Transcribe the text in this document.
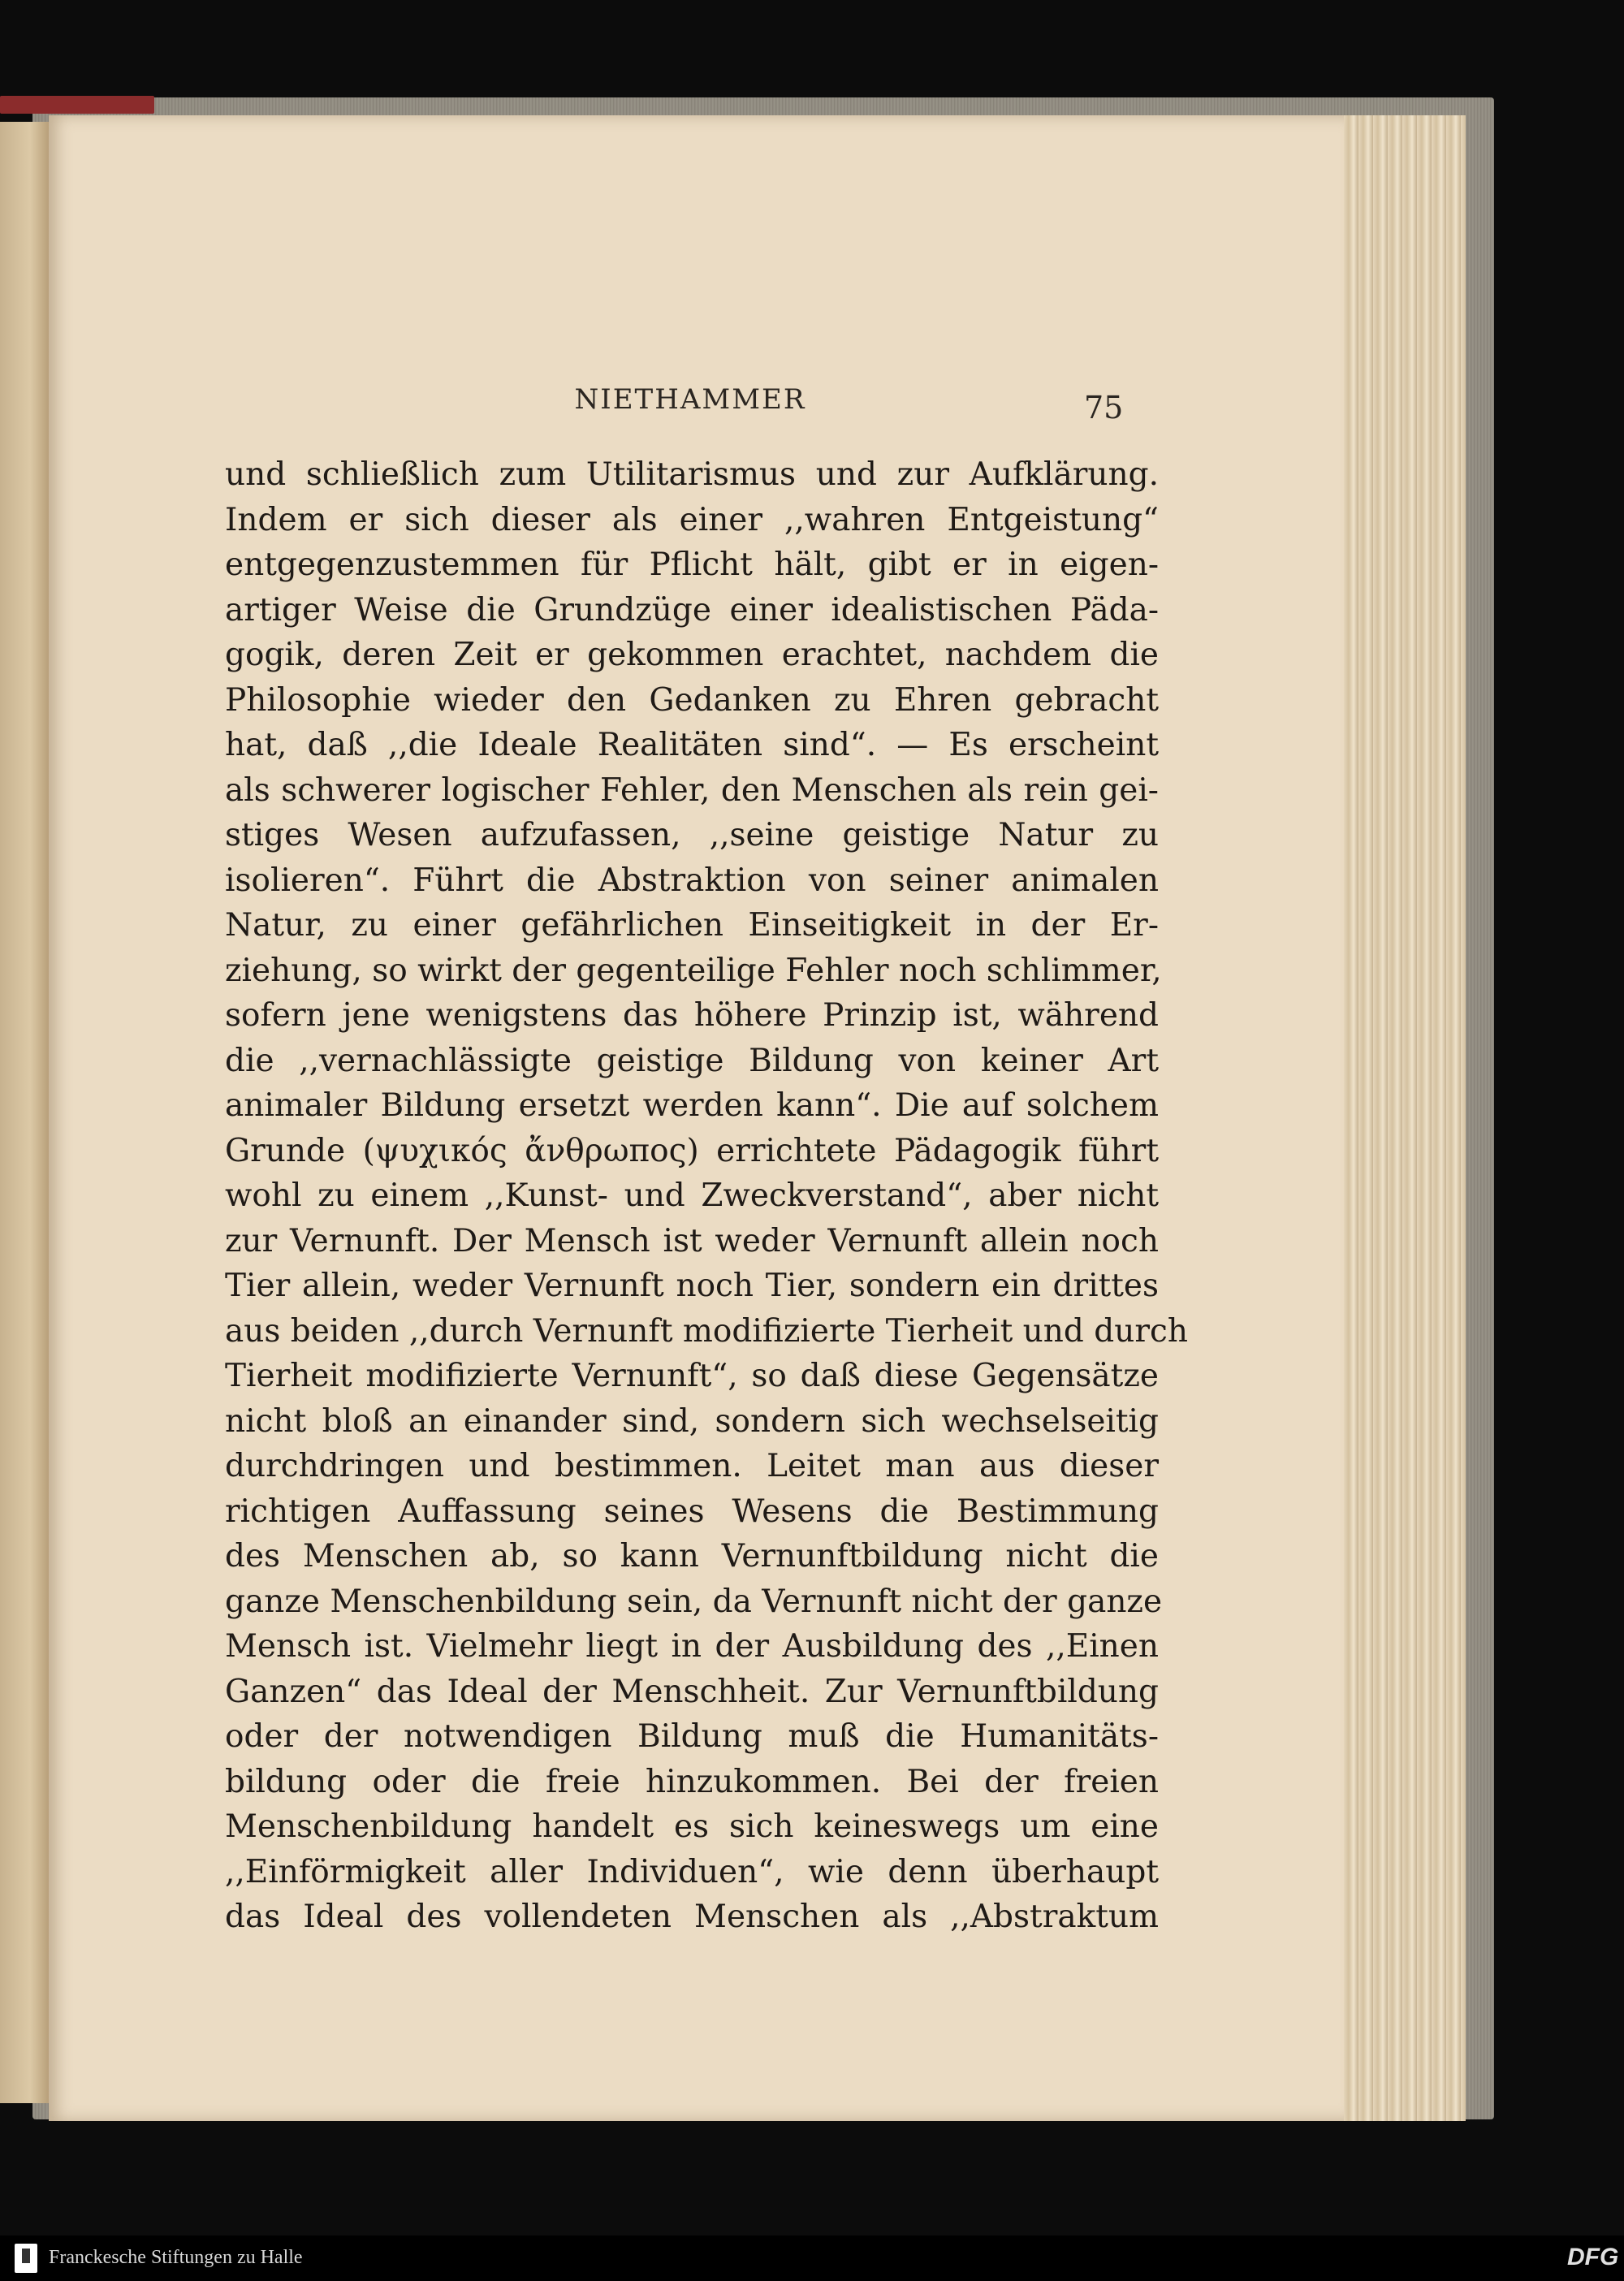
NIETHAMMER	75
und schließlich zum Utilitarismus und zur Aufklärung.
Indem er sich dieser als einer ,,wahren Entgeistung“
entgegenzustemmen für Pflicht hält, gibt er in eigen-
artiger Weise die Grundzüge einer idealistischen Päda-
gogik, deren Zeit er gekommen erachtet, nachdem die
Philosophie wieder den Gedanken zu Ehren gebracht
hat, daß ,,die Ideale Realitäten sind“. — Es erscheint
als schwerer logischer Fehler, den Menschen als rein gei-
stiges Wesen aufzufassen, ,,seine geistige Natur zu
isolieren“. Führt die Abstraktion von seiner animalen
Natur, zu einer gefährlichen Einseitigkeit in der Er-
ziehung, so wirkt der gegenteilige Fehler noch schlimmer,
sofern jene wenigstens das höhere Prinzip ist, während
die ,,vernachlässigte geistige Bildung von keiner Art
animaler Bildung ersetzt werden kann“. Die auf solchem
Grunde (ψυχικός ἄνθρωπος) errichtete Pädagogik führt
wohl zu einem ,,Kunst- und Zweckverstand“, aber nicht
zur Vernunft. Der Mensch ist weder Vernunft allein noch
Tier allein, weder Vernunft noch Tier, sondern ein drittes
aus beiden ,,durch Vernunft modifizierte Tierheit und durch
Tierheit modifizierte Vernunft“, so daß diese Gegensätze
nicht bloß an einander sind, sondern sich wechselseitig
durchdringen und bestimmen. Leitet man aus dieser
richtigen Auffassung seines Wesens die Bestimmung
des Menschen ab, so kann Vernunftbildung nicht die
ganze Menschenbildung sein, da Vernunft nicht der ganze
Mensch ist. Vielmehr liegt in der Ausbildung des ,,Einen
Ganzen“ das Ideal der Menschheit. Zur Vernunftbildung
oder der notwendigen Bildung muß die Humanitäts-
bildung oder die freie hinzukommen. Bei der freien
Menschenbildung handelt es sich keineswegs um eine
,,Einförmigkeit aller Individuen“, wie denn überhaupt
das Ideal des vollendeten Menschen als ,,Abstraktum
Franckesche Stiftungen zu Halle	DFG
